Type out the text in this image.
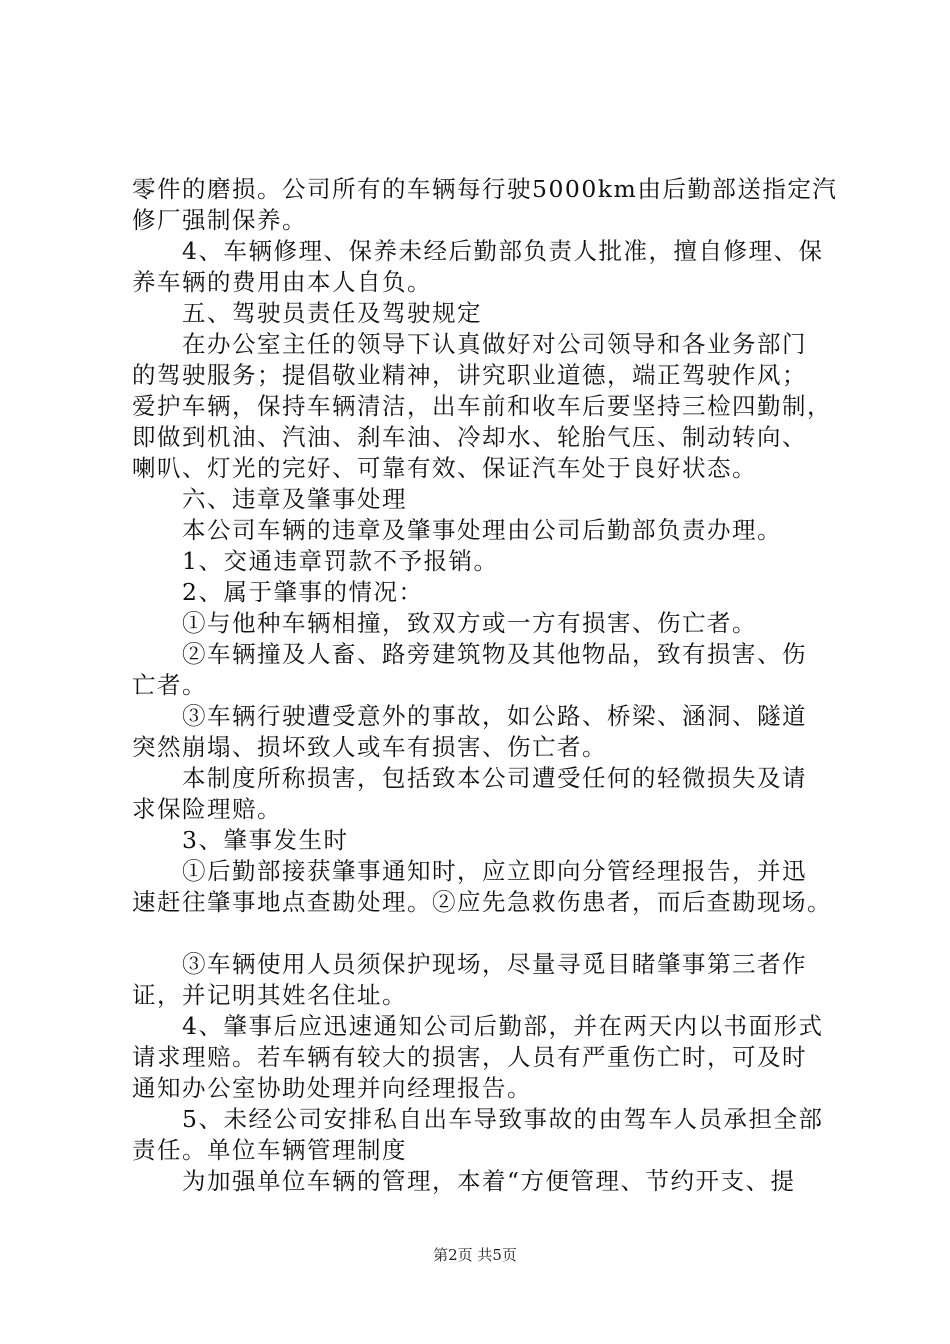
零件的磨损。公司所有的车辆每行驶5000km由后勤部送指定汽
修厂强制保养。
　　4、车辆修理、保养未经后勤部负责人批准，擅自修理、保
养车辆的费用由本人自负。
　　五、驾驶员责任及驾驶规定
　　在办公室主任的领导下认真做好对公司领导和各业务部门
的驾驶服务；提倡敬业精神，讲究职业道德，端正驾驶作风；
爱护车辆，保持车辆清洁，出车前和收车后要坚持三检四勤制，
即做到机油、汽油、刹车油、冷却水、轮胎气压、制动转向、
喇叭、灯光的完好、可靠有效、保证汽车处于良好状态。
　　六、违章及肇事处理
　　本公司车辆的违章及肇事处理由公司后勤部负责办理。
　　1、交通违章罚款不予报销。
　　2、属于肇事的情况：
　　①与他种车辆相撞，致双方或一方有损害、伤亡者。
　　②车辆撞及人畜、路旁建筑物及其他物品，致有损害、伤
亡者。
　　③车辆行驶遭受意外的事故，如公路、桥梁、涵洞、隧道
突然崩塌、损坏致人或车有损害、伤亡者。
　　本制度所称损害，包括致本公司遭受任何的轻微损失及请
求保险理赔。
　　3、肇事发生时
　　①后勤部接获肇事通知时，应立即向分管经理报告，并迅
速赶往肇事地点查勘处理。②应先急救伤患者，而后查勘现场。
　　③车辆使用人员须保护现场，尽量寻觅目睹肇事第三者作
证，并记明其姓名住址。
　　4、肇事后应迅速通知公司后勤部，并在两天内以书面形式
请求理赔。若车辆有较大的损害，人员有严重伤亡时，可及时
通知办公室协助处理并向经理报告。
　　5、未经公司安排私自出车导致事故的由驾车人员承担全部
责任。单位车辆管理制度
　　为加强单位车辆的管理，本着“方便管理、节约开支、提
第2页 共5页
